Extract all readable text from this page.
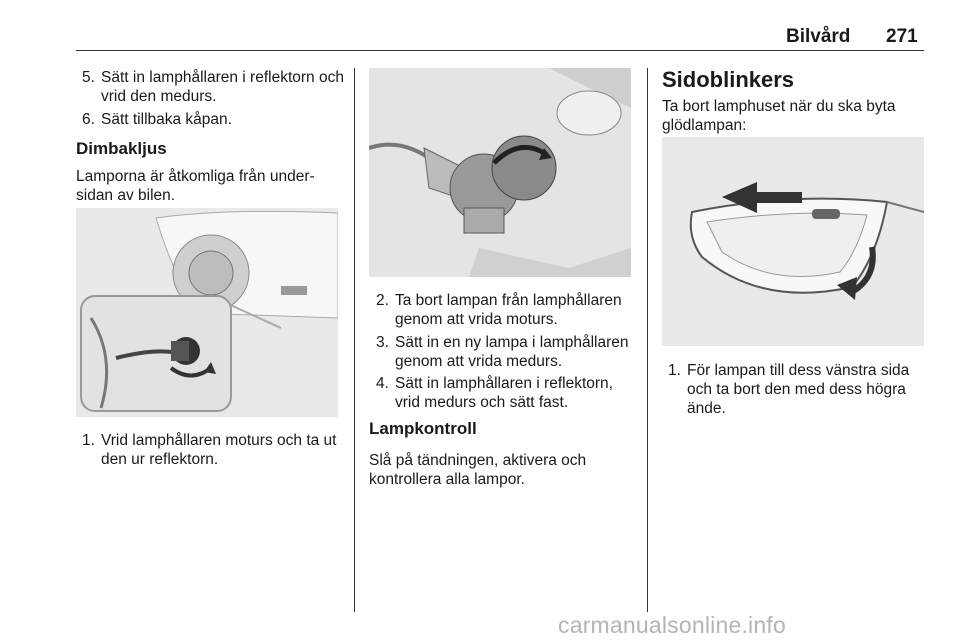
Bilvård 271
5. Sätt in lamphållaren i reflektorn och vrid den medurs.
6. Sätt tillbaka kåpan.
Dimbakljus
Lamporna är åtkomliga från undersidan av bilen.
1. Vrid lamphållaren moturs och ta ut den ur reflektorn.
2. Ta bort lampan från lamphållaren genom att vrida moturs.
3. Sätt in en ny lampa i lamphållaren genom att vrida medurs.
4. Sätt in lamphållaren i reflektorn, vrid medurs och sätt fast.
Lampkontroll
Slå på tändningen, aktivera och kontrollera alla lampor.
Sidoblinkers
Ta bort lamphuset när du ska byta glödlampan:
1. För lampan till dess vänstra sida och ta bort den med dess högra ände.
carmanualsonline.info
